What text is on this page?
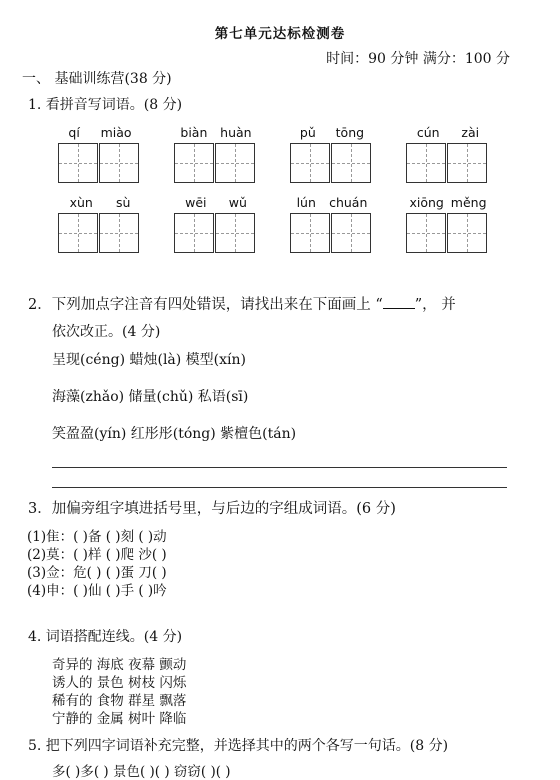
第七单元达标检测卷
时间：90 分钟 满分：100 分
一、 基础训练营(38 分)
1. 看拼音写词语。(8 分)
qí miào	biàn huàn	pǔ tōng	cún zài
xùn sù	wēi wǔ	lún chuán	xiōng měng
2．下列加点字注音有四处错误，请找出来在下面画上 “ ”， 并
依次改正。(4 分)
呈现(céng) 蜡烛(là) 模型(xín)
海藻(zhǎo) 储量(chǔ) 私语(sī)
笑盈盈(yín) 红彤彤(tóng) 紫檀色(tán)
3．加偏旁组字填进括号里，与后边的字组成词语。(6 分)
(1)隹：( )备 ( )刻 ( )动
(2)莫：( )样 ( )爬 沙( )
(3)佥：危( ) ( )蛋 刀( )
(4)申：( )仙 ( )手 ( )吟
4. 词语搭配连线。(4 分)
奇异的 海底 夜幕 颤动
诱人的 景色 树枝 闪烁
稀有的 食物 群星 飘落
宁静的 金属 树叶 降临
5. 把下列四字词语补充完整，并选择其中的两个各写一句话。(8 分)
多( )多( ) 景色( )( ) 窃窃( )( )
